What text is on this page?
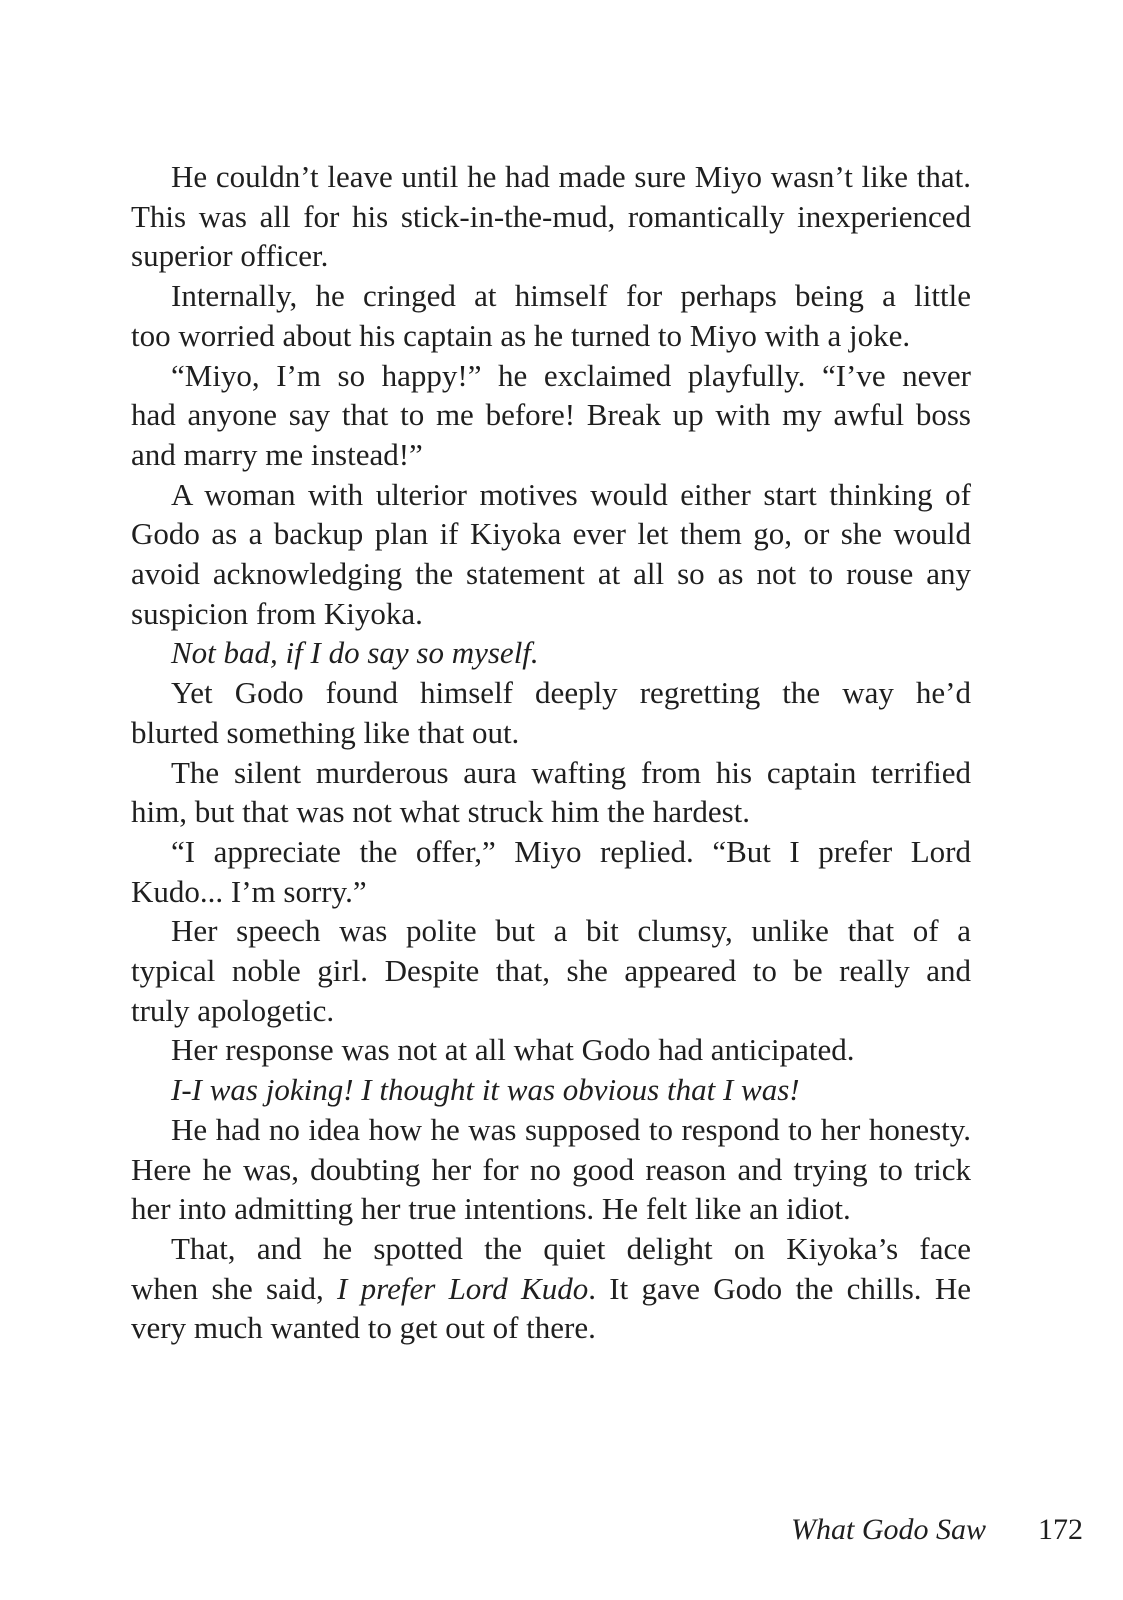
He couldn’t leave until he had made sure Miyo wasn’t like that.
This was all for his stick-in-the-mud, romantically inexperienced
superior officer.
Internally, he cringed at himself for perhaps being a little
too worried about his captain as he turned to Miyo with a joke.
“Miyo, I’m so happy!” he exclaimed playfully. “I’ve never
had anyone say that to me before! Break up with my awful boss
and marry me instead!”
A woman with ulterior motives would either start thinking of
Godo as a backup plan if Kiyoka ever let them go, or she would
avoid acknowledging the statement at all so as not to rouse any
suspicion from Kiyoka.
Not bad, if I do say so myself.
Yet Godo found himself deeply regretting the way he’d
blurted something like that out.
The silent murderous aura wafting from his captain terrified
him, but that was not what struck him the hardest.
“I appreciate the offer,” Miyo replied. “But I prefer Lord
Kudo... I’m sorry.”
Her speech was polite but a bit clumsy, unlike that of a
typical noble girl. Despite that, she appeared to be really and
truly apologetic.
Her response was not at all what Godo had anticipated.
I-I was joking! I thought it was obvious that I was!
He had no idea how he was supposed to respond to her honesty.
Here he was, doubting her for no good reason and trying to trick
her into admitting her true intentions. He felt like an idiot.
That, and he spotted the quiet delight on Kiyoka’s face
when she said, I prefer Lord Kudo. It gave Godo the chills. He
very much wanted to get out of there.
What Godo Saw 172
